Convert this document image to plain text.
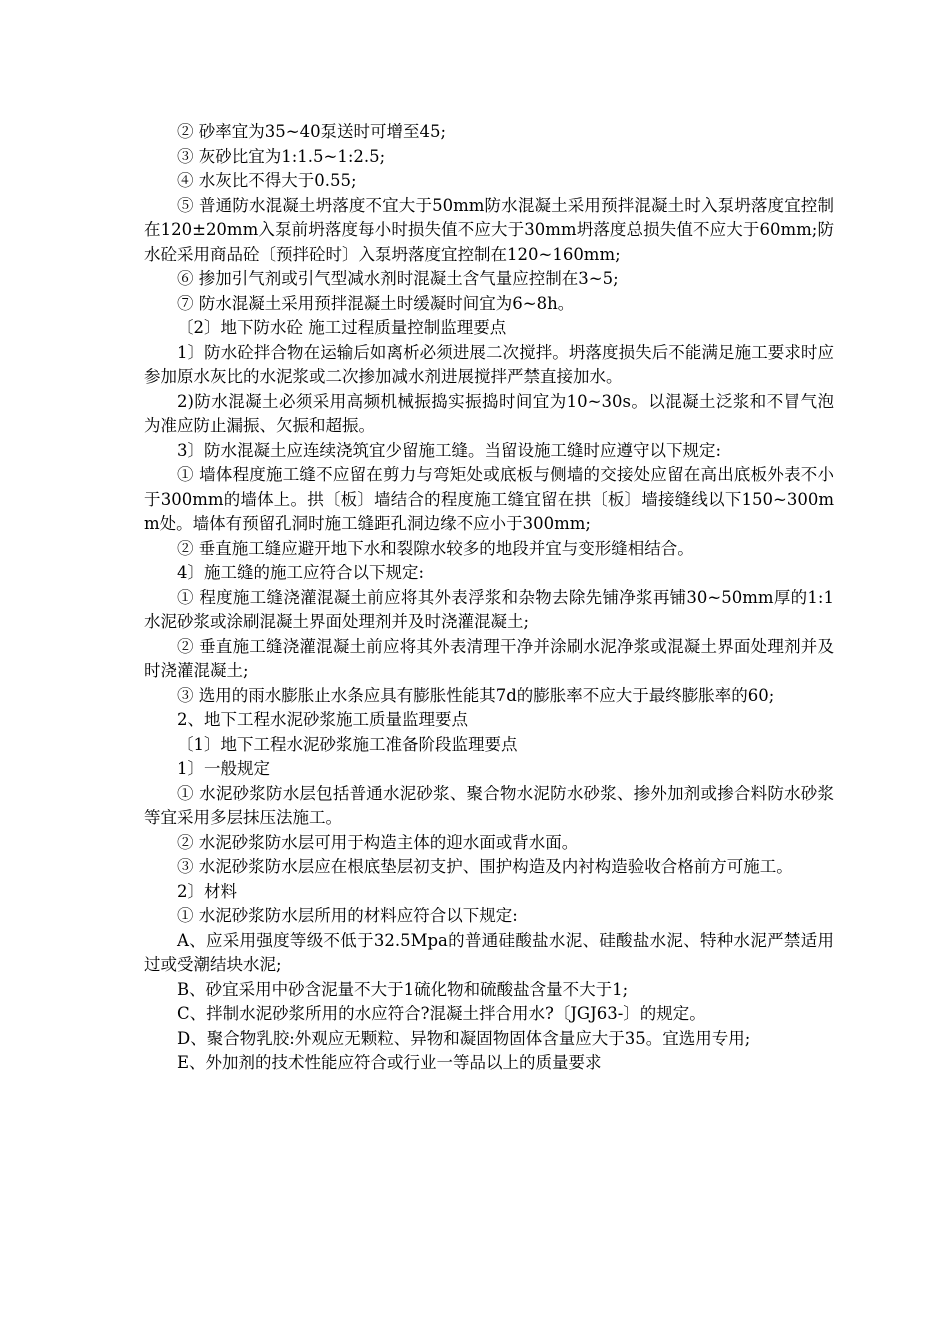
② 砂率宜为35~40泵送时可增至45;

③ 灰砂比宜为1:1.5~1:2.5;

④ 水灰比不得大于0.55;

⑤ 普通防水混凝土坍落度不宜大于50mm防水混凝土采用预拌混凝土时入泵坍落度宜控制在120±20mm入泵前坍落度每小时损失值不应大于30mm坍落度总损失值不应大于60mm;防水砼采用商品砼〔预拌砼时〕入泵坍落度宜控制在120~160mm;

⑥ 掺加引气剂或引气型减水剂时混凝土含气量应控制在3~5;

⑦ 防水混凝土采用预拌混凝土时缓凝时间宜为6~8h。

〔2〕地下防水砼 施工过程质量控制监理要点

1〕防水砼拌合物在运输后如离析必须进展二次搅拌。坍落度损失后不能满足施工要求时应参加原水灰比的水泥浆或二次掺加减水剂进展搅拌严禁直接加水。

2)防水混凝土必须采用高频机械振捣实振捣时间宜为10~30s。以混凝土泛浆和不冒气泡为准应防止漏振、欠振和超振。

3〕防水混凝土应连续浇筑宜少留施工缝。当留设施工缝时应遵守以下规定:

① 墙体程度施工缝不应留在剪力与弯矩处或底板与侧墙的交接处应留在高出底板外表不小于300mm的墙体上。拱〔板〕墙结合的程度施工缝宜留在拱〔板〕墙接缝线以下150~300mm处。墙体有预留孔洞时施工缝距孔洞边缘不应小于300mm;

② 垂直施工缝应避开地下水和裂隙水较多的地段并宜与变形缝相结合。

4〕施工缝的施工应符合以下规定:

① 程度施工缝浇灌混凝土前应将其外表浮浆和杂物去除先铺净浆再铺30~50mm厚的1:1水泥砂浆或涂刷混凝土界面处理剂并及时浇灌混凝土;

② 垂直施工缝浇灌混凝土前应将其外表清理干净并涂刷水泥净浆或混凝土界面处理剂并及时浇灌混凝土;

③ 选用的雨水膨胀止水条应具有膨胀性能其7d的膨胀率不应大于最终膨胀率的60;

2、地下工程水泥砂浆施工质量监理要点

〔1〕地下工程水泥砂浆施工准备阶段监理要点

1〕一般规定

① 水泥砂浆防水层包括普通水泥砂浆、聚合物水泥防水砂浆、掺外加剂或掺合料防水砂浆等宜采用多层抹压法施工。

② 水泥砂浆防水层可用于构造主体的迎水面或背水面。

③ 水泥砂浆防水层应在根底垫层初支护、围护构造及内衬构造验收合格前方可施工。

2〕材料

① 水泥砂浆防水层所用的材料应符合以下规定:

A、应采用强度等级不低于32.5Mpa的普通硅酸盐水泥、硅酸盐水泥、特种水泥严禁适用过或受潮结块水泥;

B、砂宜采用中砂含泥量不大于1硫化物和硫酸盐含量不大于1;

C、拌制水泥砂浆所用的水应符合?混凝土拌合用水?〔JGJ63-〕的规定。

D、聚合物乳胶:外观应无颗粒、异物和凝固物固体含量应大于35。宜选用专用;

E、外加剂的技术性能应符合或行业一等品以上的质量要求
